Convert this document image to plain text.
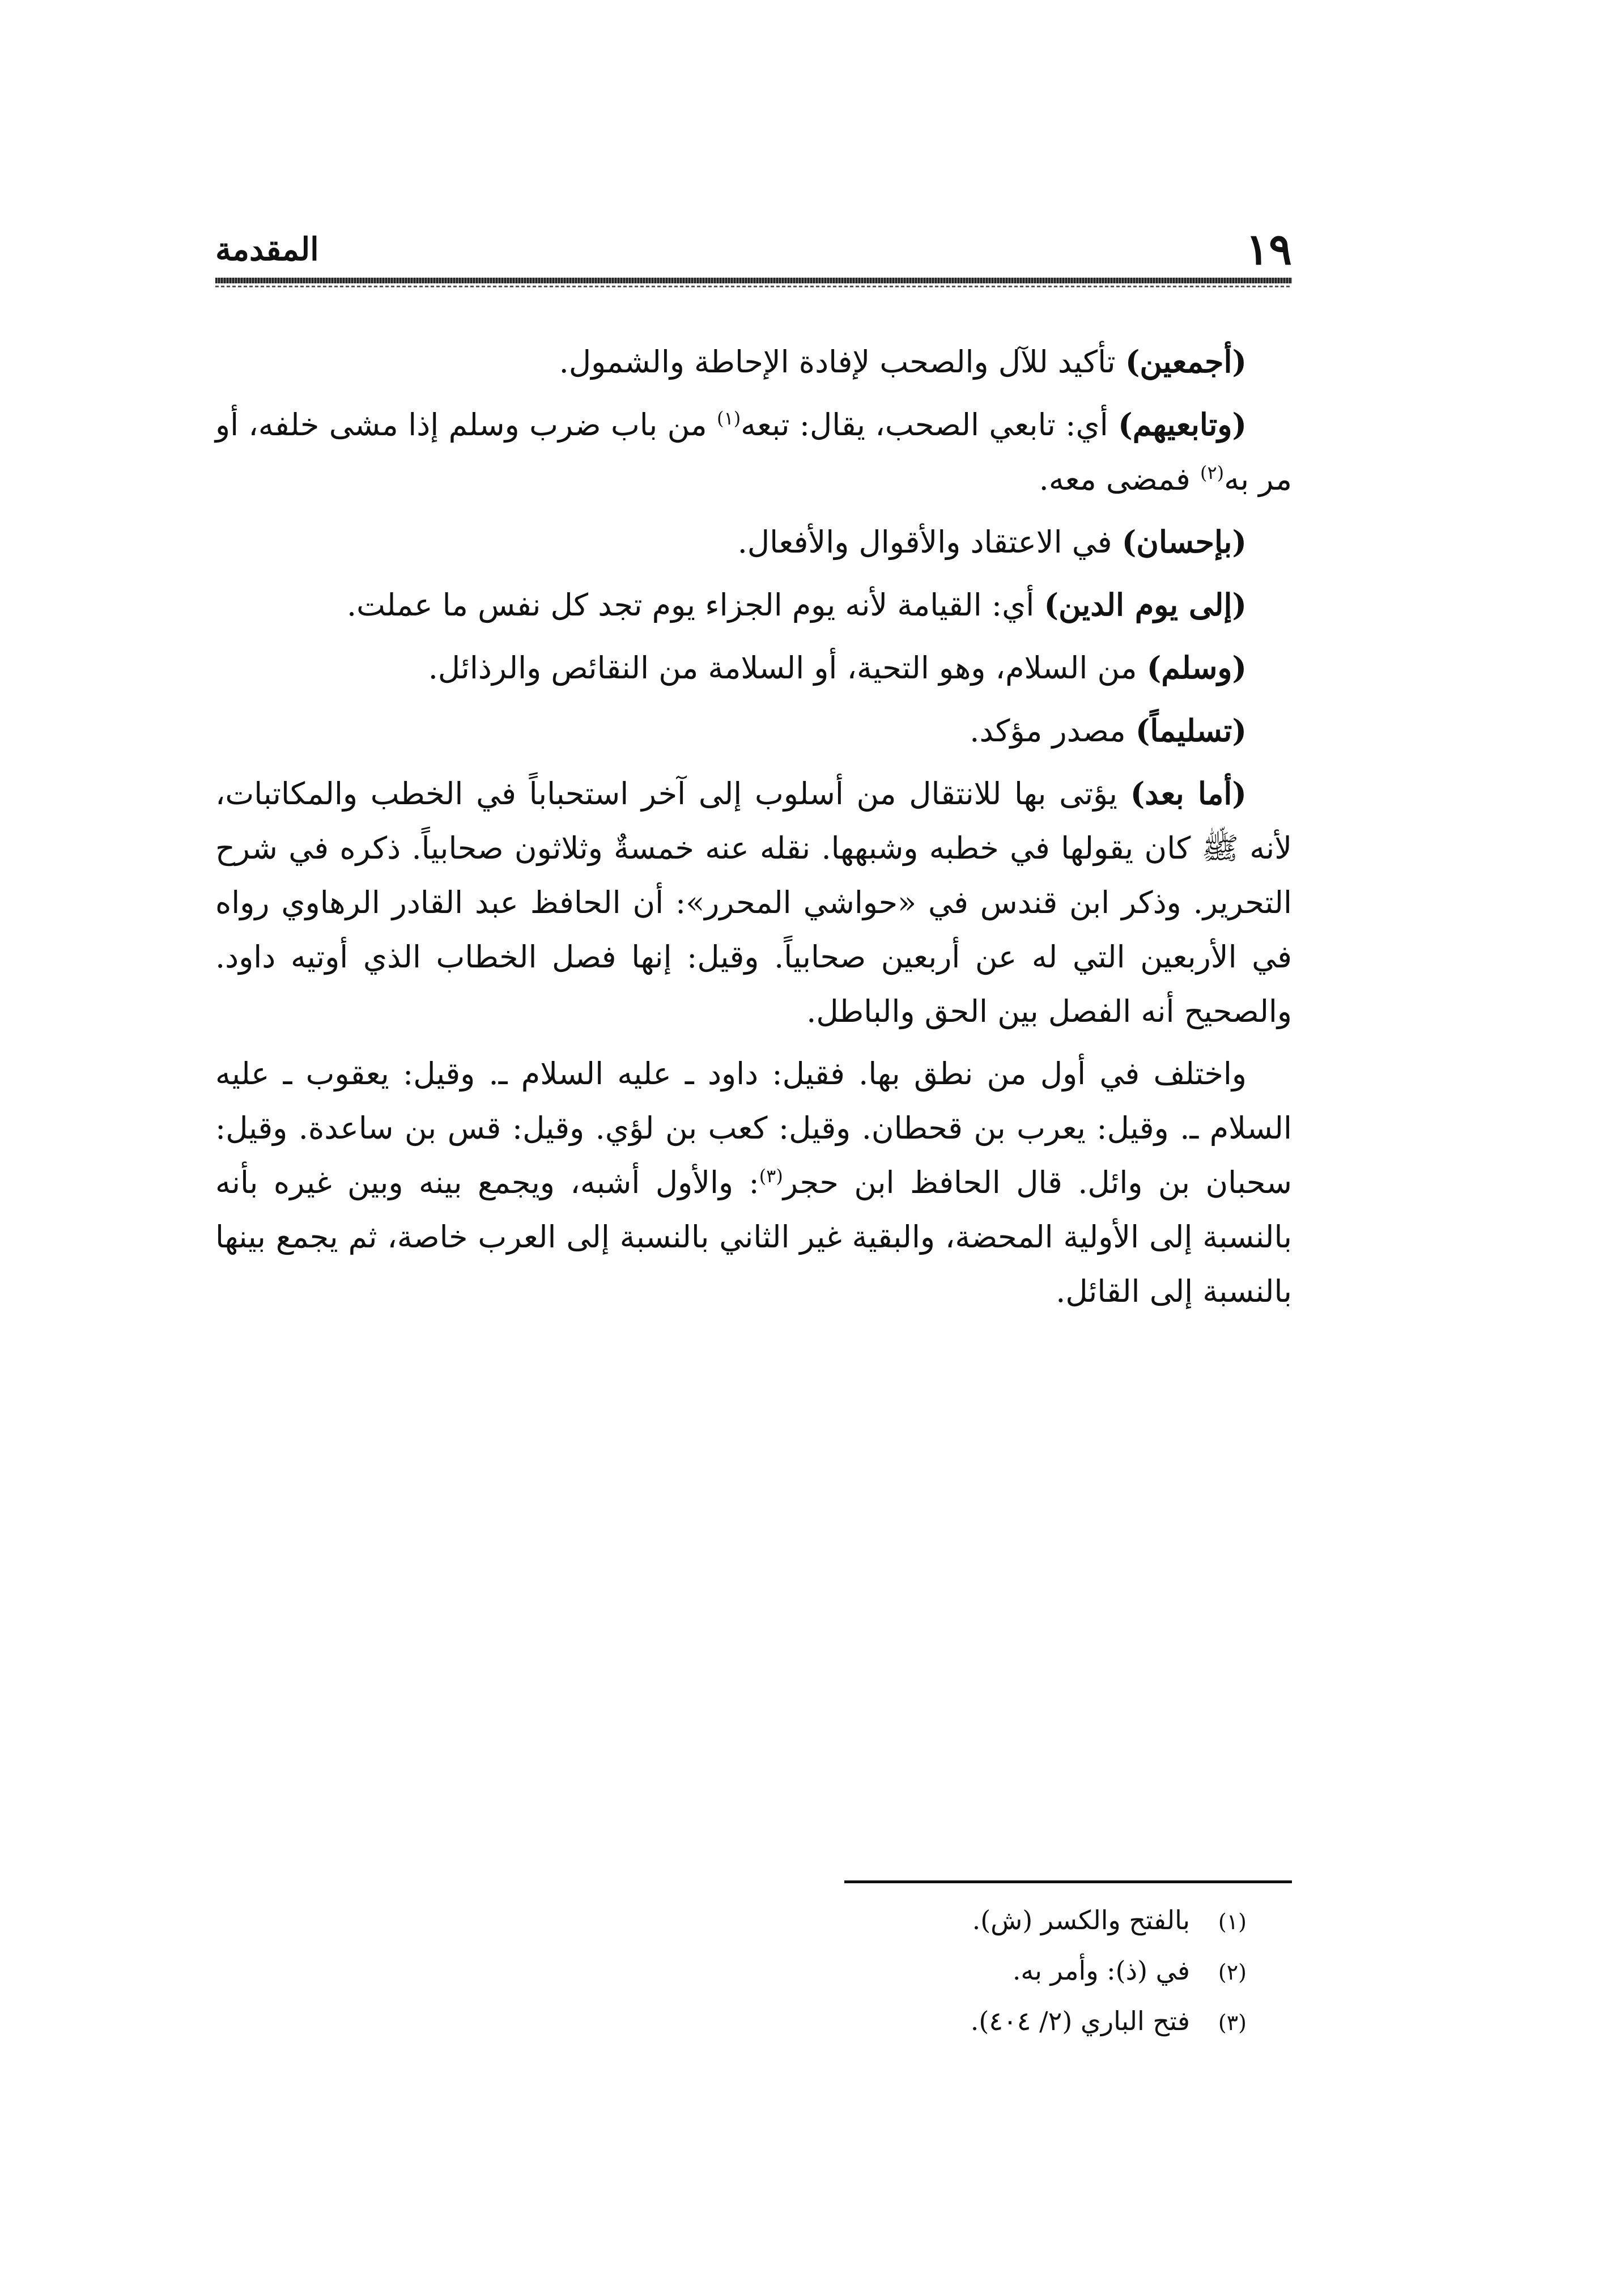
١٩
المقدمة

(أجمعين) تأكيد للآل والصحب لإفادة الإحاطة والشمول.

(وتابعيهم) أي: تابعي الصحب، يقال: تبعه$^{(١)}$ من باب ضرب وسلم إذا مشى خلفه، أو مر به$^{(٢)}$ فمضى معه.

(بإحسان) في الاعتقاد والأقوال والأفعال.

(إلى يوم الدين) أي: القيامة لأنه يوم الجزاء يوم تجد كل نفس ما عملت.

(وسلم) من السلام، وهو التحية، أو السلامة من النقائص والرذائل.

(تسليماً) مصدر مؤكد.

(أما بعد) يؤتى بها للانتقال من أسلوب إلى آخر استحباباً في الخطب والمكاتبات، لأنه ﷺ كان يقولها في خطبه وشبهها. نقله عنه خمسةٌ وثلاثون صحابياً. ذكره في شرح التحرير. وذكر ابن قندس في «حواشي المحرر»: أن الحافظ عبد القادر الرهاوي رواه في الأربعين التي له عن أربعين صحابياً. وقيل: إنها فصل الخطاب الذي أوتيه داود. والصحيح أنه الفصل بين الحق والباطل.

واختلف في أول من نطق بها. فقيل: داود ـ عليه السلام ـ. وقيل: يعقوب ـ عليه السلام ـ. وقيل: يعرب بن قحطان. وقيل: كعب بن لؤي. وقيل: قس بن ساعدة. وقيل: سحبان بن وائل. قال الحافظ ابن حجر$^{(٣)}$: والأول أشبه، ويجمع بينه وبين غيره بأنه بالنسبة إلى الأولية المحضة، والبقية غير الثاني بالنسبة إلى العرب خاصة، ثم يجمع بينها بالنسبة إلى القائل.

(١)
بالفتح والكسر (ش).
(٢)
في (ذ): وأمر به.
(٣)
فتح الباري (٢/ ٤٠٤).
